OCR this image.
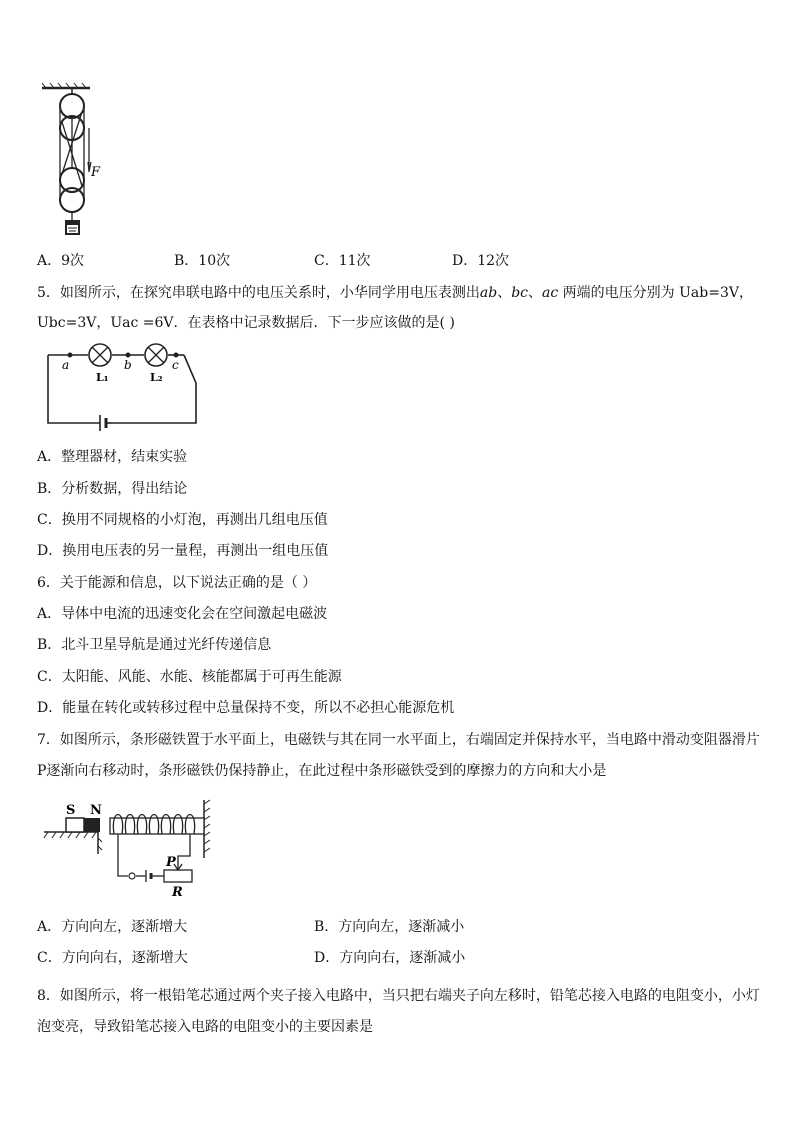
F
A．9次	B．10次	C．11次	D．12次
5．如图所示，在探究串联电路中的电压关系时，小华同学用电压表测出ab、bc、ac 两端的电压分别为 Uab=3V，
Ubc=3V，Uac =6V．在表格中记录数据后．下一步应该做的是( )
a	b	c
L₁	L₂
A．整理器材，结束实验
B．分析数据，得出结论
C．换用不同规格的小灯泡，再测出几组电压值
D．换用电压表的另一量程，再测出一组电压值
6．关于能源和信息，以下说法正确的是（ ）
A．导体中电流的迅速变化会在空间激起电磁波
B．北斗卫星导航是通过光纤传递信息
C．太阳能、风能、水能、核能都属于可再生能源
D．能量在转化或转移过程中总量保持不变，所以不必担心能源危机
7．如图所示，条形磁铁置于水平面上，电磁铁与其在同一水平面上，右端固定并保持水平，当电路中滑动变阻器滑片
P逐渐向右移动时，条形磁铁仍保持静止，在此过程中条形磁铁受到的摩擦力的方向和大小是
S N
P
R
A．方向向左，逐渐增大	B．方向向左，逐渐减小
C．方向向右，逐渐增大	D．方向向右，逐渐减小
8．如图所示，将一根铅笔芯通过两个夹子接入电路中，当只把右端夹子向左移时，铅笔芯接入电路的电阻变小，小灯
泡变亮，导致铅笔芯接入电路的电阻变小的主要因素是
